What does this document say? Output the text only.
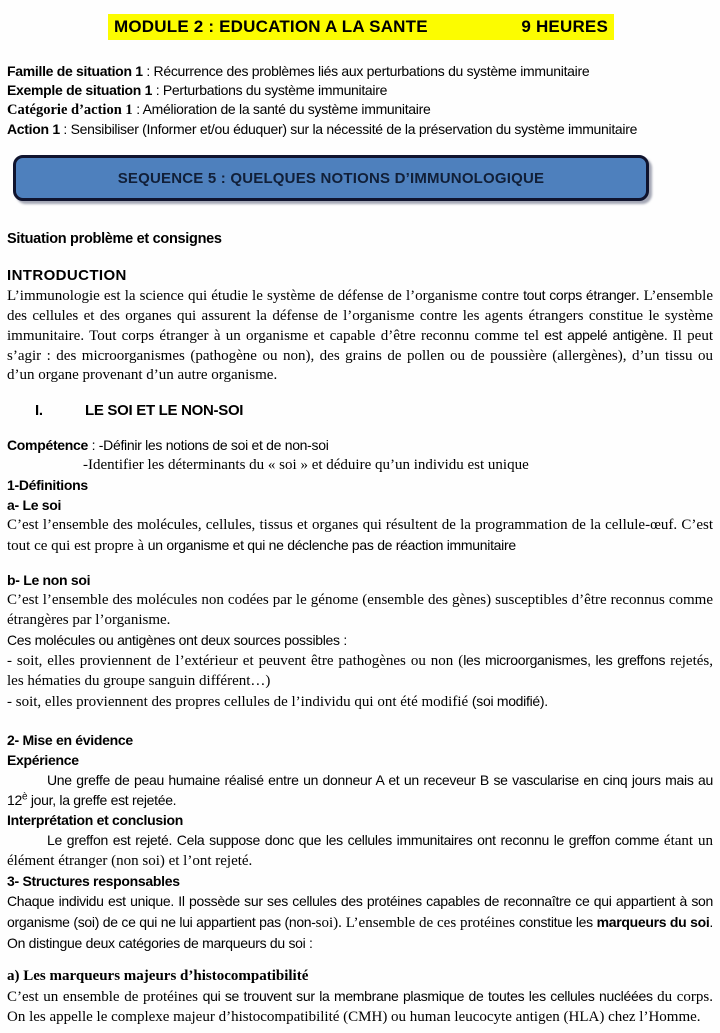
MODULE 2 : EDUCATION A LA SANTE	9 HEURES
Famille de situation 1 : Récurrence des problèmes liés aux perturbations du système immunitaire
Exemple de situation 1 : Perturbations du système immunitaire
Catégorie d’action 1 : Amélioration de la santé du système immunitaire
Action 1 : Sensibiliser (Informer et/ou éduquer) sur la nécessité de la préservation du système immunitaire
SEQUENCE 5 : QUELQUES NOTIONS D’IMMUNOLOGIQUE
Situation problème et consignes
INTRODUCTION

L’immunologie est la science qui étudie le système de défense de l’organisme contre tout corps étranger. L’ensemble des cellules et des organes qui assurent la défense de l’organisme contre les agents étrangers constitue le système immunitaire. Tout corps étranger à un organisme et capable d’être reconnu comme tel est appelé antigène. Il peut s’agir : des microorganismes (pathogène ou non), des grains de pollen ou de poussière (allergènes), d’un tissu ou d’un organe provenant d’un autre organisme.

I.	LE SOI ET LE NON-SOI
Compétence : -Définir les notions de soi et de non-soi
-Identifier les déterminants du « soi » et déduire qu’un individu est unique
1-Définitions
a- Le soi

C’est l’ensemble des molécules, cellules, tissus et organes qui résultent de la programmation de la cellule-œuf. C’est tout ce qui est propre à un organisme et qui ne déclenche pas de réaction immunitaire

b- Le non soi

C’est l’ensemble des molécules non codées par le génome (ensemble des gènes) susceptibles d’être reconnus comme étrangères par l’organisme.

Ces molécules ou antigènes ont deux sources possibles :

- soit, elles proviennent de l’extérieur et peuvent être pathogènes ou non (les microorganismes, les greffons rejetés, les hématies du groupe sanguin différent…)

- soit, elles proviennent des propres cellules de l’individu qui ont été modifié (soi modifié).

2- Mise en évidence
Expérience

Une greffe de peau humaine réalisé entre un donneur A et un receveur B se vascularise en cinq jours mais au $12^è$ jour, la greffe est rejetée.

Interprétation et conclusion

Le greffon est rejeté. Cela suppose donc que les cellules immunitaires ont reconnu le greffon comme étant un élément étranger (non soi) et l’ont rejeté.

3- Structures responsables

Chaque individu est unique. Il possède sur ses cellules des protéines capables de reconnaître ce qui appartient à son organisme (soi) de ce qui ne lui appartient pas (non-soi). L’ensemble de ces protéines constitue les marqueurs du soi. On distingue deux catégories de marqueurs du soi :

a) Les marqueurs majeurs d’histocompatibilité

C’est un ensemble de protéines qui se trouvent sur la membrane plasmique de toutes les cellules nucléées du corps. On les appelle le complexe majeur d’histocompatibilité (CMH) ou human leucocyte antigen (HLA) chez l’Homme.
